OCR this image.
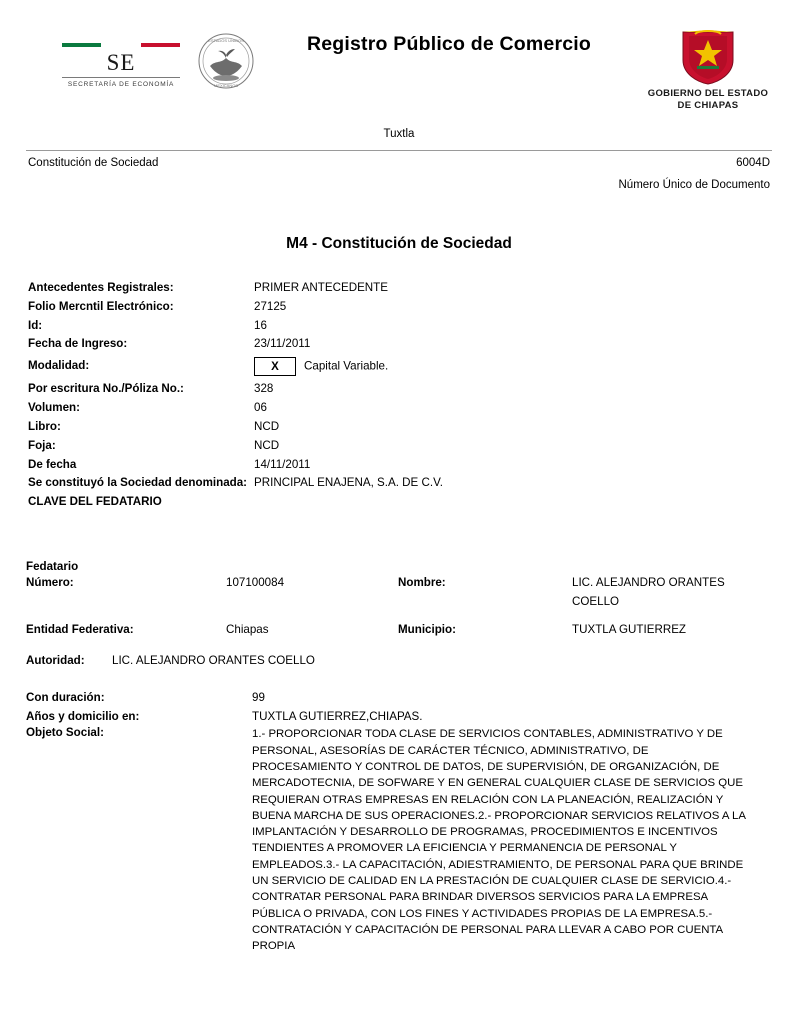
SE
SECRETARÍA DE ECONOMÍA
ESTADOS UNIDOS
MEXICANOS
Registro Público de Comercio
GOBIERNO DEL ESTADO DE CHIAPAS
Tuxtla
Constitución de Sociedad	6004D
Número Único de Documento
M4 - Constitución de Sociedad
Antecedentes Registrales:	PRIMER ANTECEDENTE
Folio Mercntil Electrónico:	27125
Id:	16
Fecha de Ingreso:	23/11/2011
Modalidad:	X Capital Variable.
Por escritura No./Póliza No.:	328
Volumen:	06
Libro:	NCD
Foja:	NCD
De fecha	14/11/2011
Se constituyó la Sociedad denominada: PRINCIPAL ENAJENA, S.A. DE C.V.
CLAVE DEL FEDATARIO
Fedatario
Número:	107100084	Nombre:	LIC. ALEJANDRO ORANTES COELLO
Entidad Federativa:	Chiapas	Municipio:	TUXTLA GUTIERREZ
Autoridad:	LIC. ALEJANDRO ORANTES COELLO
Con duración:	99
Años y domicilio en:	TUXTLA GUTIERREZ,CHIAPAS.
Objeto Social:	1.- PROPORCIONAR TODA CLASE DE SERVICIOS CONTABLES, ADMINISTRATIVO Y DE PERSONAL, ASESORÍAS DE CARÁCTER TÉCNICO, ADMINISTRATIVO, DE PROCESAMIENTO Y CONTROL DE DATOS, DE SUPERVISIÓN, DE ORGANIZACIÓN, DE MERCADOTECNIA, DE SOFWARE Y EN GENERAL CUALQUIER CLASE DE SERVICIOS QUE REQUIERAN OTRAS EMPRESAS EN RELACIÓN CON LA PLANEACIÓN, REALIZACIÓN Y BUENA MARCHA DE SUS OPERACIONES.2.- PROPORCIONAR SERVICIOS RELATIVOS A LA IMPLANTACIÓN Y DESARROLLO DE PROGRAMAS, PROCEDIMIENTOS E INCENTIVOS TENDIENTES A PROMOVER LA EFICIENCIA Y PERMANENCIA DE PERSONAL Y EMPLEADOS.3.- LA CAPACITACIÓN, ADIESTRAMIENTO, DE PERSONAL PARA QUE BRINDE UN SERVICIO DE CALIDAD EN LA PRESTACIÓN DE CUALQUIER CLASE DE SERVICIO.4.- CONTRATAR PERSONAL PARA BRINDAR DIVERSOS SERVICIOS PARA LA EMPRESA PÚBLICA O PRIVADA, CON LOS FINES Y ACTIVIDADES PROPIAS DE LA EMPRESA.5.- CONTRATACIÓN Y CAPACITACIÓN DE PERSONAL PARA LLEVAR A CABO POR CUENTA PROPIA
